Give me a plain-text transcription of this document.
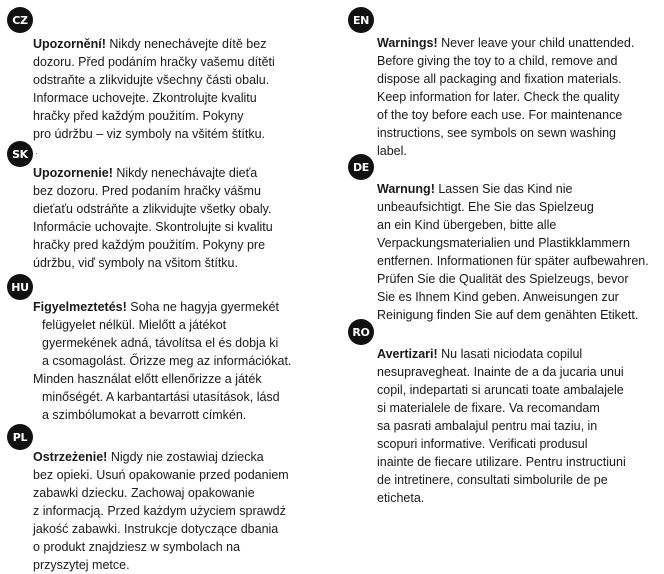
CZ
Upozornění! Nikdy nenechávejte dítě bez
dozoru. Před podáním hračky vašemu dítěti
odstraňte a zlikvidujte všechny části obalu.
Informace uchovejte. Zkontrolujte kvalitu
hračky před každým použitím. Pokyny
pro údržbu – viz symboly na všitém štítku.
SK ·
Upozornenie! Nikdy nenechávajte dieťa
bez dozoru. Pred podaním hračky vášmu
dieťaťu odstráňte a zlikvidujte všetky obaly.
Informácie uchovajte. Skontrolujte si kvalitu
hračky pred každým použitím. Pokyny pre
údržbu, viď symboly na všitom štítku.
HU
Figyelmeztetés! Soha ne hagyja gyermekét
felügyelet nélkül. Mielőtt a játékot
gyermekének adná, távolítsa el és dobja ki
a csomagolást. Őrizze meg az információkat.
Minden használat előtt ellenőrizze a játék
minőségét. A karbantartási utasítások, lásd
a szimbólumokat a bevarrott címkén.
PL
Ostrzeżenie! Nigdy nie zostawiaj dziecka
bez opieki. Usuń opakowanie przed podaniem
zabawki dziecku. Zachowaj opakowanie
z informacją. Przed każdym użyciem sprawdź
jakość zabawki. Instrukcje dotyczące dbania
o produkt znajdziesz w symbolach na
przyszytej metce.
EN
Warnings! Never leave your child unattended.
Before giving the toy to a child, remove and
dispose all packaging and fixation materials.
Keep information for later. Check the quality
of the toy before each use. For maintenance
instructions, see symbols on sewn washing
label.
DE
Warnung! Lassen Sie das Kind nie
unbeaufsichtigt. Ehe Sie das Spielzeug
an ein Kind übergeben, bitte alle
Verpackungsmaterialien und Plastikklammern
entfernen. Informationen für später aufbewahren.
Prüfen Sie die Qualität des Spielzeugs, bevor
Sie es Ihnem Kind geben. Anweisungen zur
Reinigung finden Sie auf dem genähten Etikett.
RO
Avertizari! Nu lasati niciodata copilul
nesupravegheat. Inainte de a da jucaria unui
copil, indepartati si aruncati toate ambalajele
si materialele de fixare. Va recomandam
sa pasrati ambalajul pentru mai taziu, in
scopuri informative. Verificati produsul
inainte de fiecare utilizare. Pentru instructiuni
de intretinere, consultati simbolurile de pe
eticheta.
